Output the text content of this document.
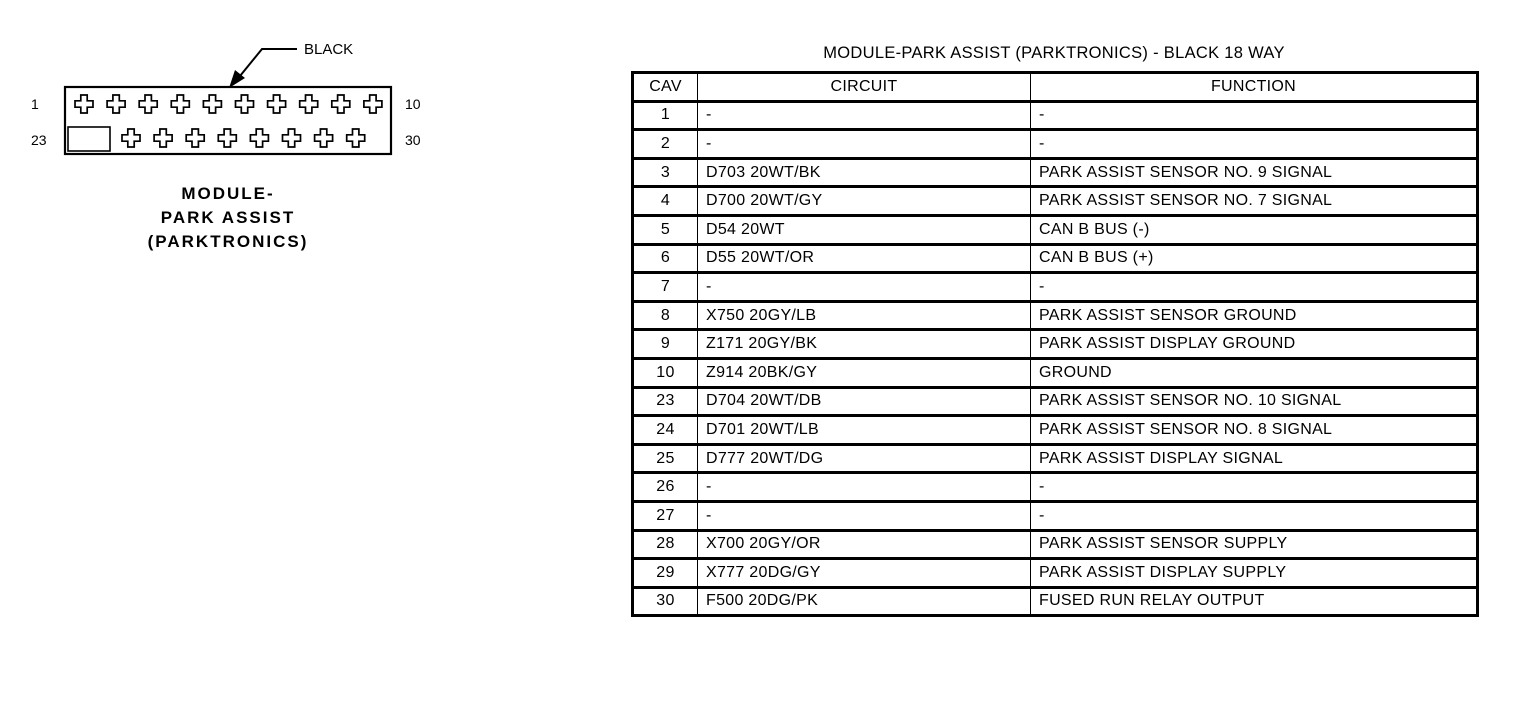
BLACK
1	10
23	30
MODULE-
PARK ASSIST
(PARKTRONICS)
MODULE-PARK ASSIST (PARKTRONICS) - BLACK 18 WAY
CAV	CIRCUIT	FUNCTION
1	-	-
2	-	-
3	D703 20WT/BK	PARK ASSIST SENSOR NO. 9 SIGNAL
4	D700 20WT/GY	PARK ASSIST SENSOR NO. 7 SIGNAL
5	D54 20WT	CAN B BUS (-)
6	D55 20WT/OR	CAN B BUS (+)
7	-	-
8	X750 20GY/LB	PARK ASSIST SENSOR GROUND
9	Z171 20GY/BK	PARK ASSIST DISPLAY GROUND
10	Z914 20BK/GY	GROUND
23	D704 20WT/DB	PARK ASSIST SENSOR NO. 10 SIGNAL
24	D701 20WT/LB	PARK ASSIST SENSOR NO. 8 SIGNAL
25	D777 20WT/DG	PARK ASSIST DISPLAY SIGNAL
26	-	-
27	-	-
28	X700 20GY/OR	PARK ASSIST SENSOR SUPPLY
29	X777 20DG/GY	PARK ASSIST DISPLAY SUPPLY
30	F500 20DG/PK	FUSED RUN RELAY OUTPUT
